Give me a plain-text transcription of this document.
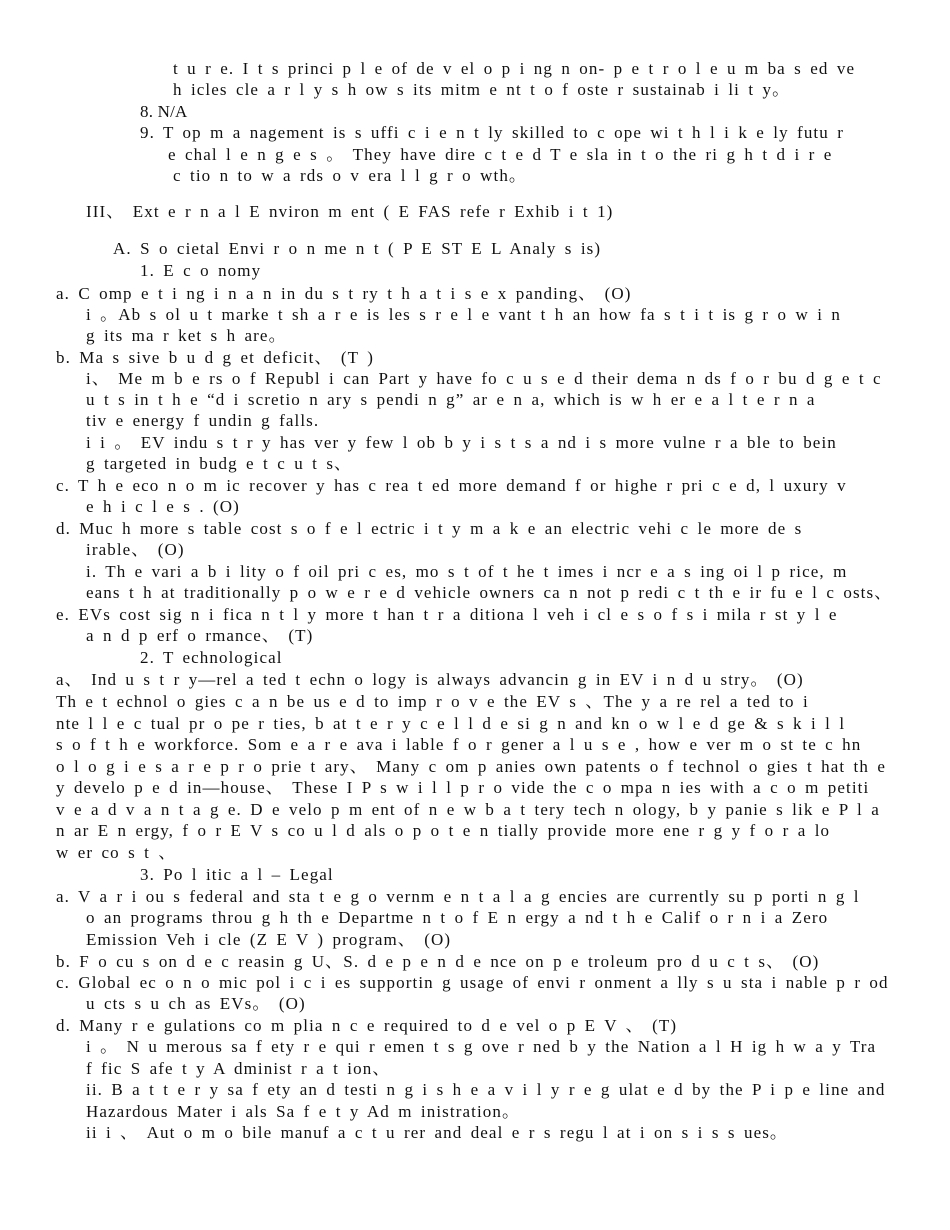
t u r e. I t s princi p l e of de v el o p i ng n on- p e t r o l e u m ba s ed ve
h icles cle a r l y s h ow s its mitm e nt t o f oste r sustainab i li t y。
8. N/A
9. T op m a nagement is s uffi c i e n t ly skilled to c ope wi t h l i k e ly futu r
e chal l e n g e s 。 They have dire c t e d T e sla in t o the ri g h t d i r e
c tio n to w a rds o v era l l g r o wth。
III、 Ext e r n a l E nviron m ent ( E FAS refe r Exhib i t 1)
A. S o cietal Envi r o n me n t ( P E ST E L Analy s is)
1. E c o nomy
a. C omp e t i ng i n a n in du s t ry t h a t i s e x panding、 (O)
i 。Ab s ol u t marke t sh a r e is les s r e l e vant t h an how fa s t i t is g r o w i n
g its ma r ket s h are。
b. Ma s sive b u d g et deficit、 (T )
i、 Me m b e rs o f Republ i can Part y have fo c u s e d their dema n ds f o r bu d g e t c
u t s in t h e “d i scretio n ary s pendi n g” ar e n a, which is w h er e a l t e r n a
tiv e energy f undin g falls.
i i 。 EV indu s t r y has ver y few l ob b y i s t s a nd i s more vulne r a ble to bein
g targeted in budg e t c u t s、
c. T h e eco n o m ic recover y has c rea t ed more demand f or highe r pri c e d, l uxury v
e h i c l e s . (O)
d. Muc h more s table cost s o f e l ectric i t y m a k e an electric vehi c le more de s
irable、 (O)
i. Th e vari a b i lity o f oil pri c es, mo s t of t he t imes i ncr e a s ing oi l p rice, m
eans t h at traditionally p o w e r e d vehicle owners ca n not p redi c t th e ir fu e l c osts、
e. EVs cost sig n i fica n t l y more t han t r a ditiona l veh i cl e s o f s i mila r st y l e
a n d p erf o rmance、 (T)
2. T echnological
a、 Ind u s t r y—rel a ted t echn o logy is always advancin g in EV i n d u stry。 (O)
Th e t echnol o gies c a n be us e d to imp r o v e the EV s 、The y a re rel a ted to i
nte l l e c tual pr o pe r ties, b at t e r y c e l l d e si g n and kn o w l e d ge & s k i l l
s o f t h e workforce. Som e a r e ava i lable f o r gener a l u s e , how e ver m o st te c hn
o l o g i e s a r e p r o prie t ary、 Many c om p anies own patents o f technol o gies t hat th e
y develo p e d in—house、 These I P s w i l l p r o vide the c o mpa n ies with a c o m petiti
v e a d v a n t a g e. D e velo p m ent of n e w b a t tery tech n ology, b y panie s lik e P l a
n ar E n ergy, f o r E V s co u l d als o p o t e n tially provide more ene r g y f o r a lo
w er co s t 、
3. Po l itic a l – Legal
a. V a r i ou s federal and sta t e g o vernm e n t a l a g encies are currently su p porti n g l
o an programs throu g h th e Departme n t o f E n ergy a nd t h e Calif o r n i a Zero
Emission Veh i cle (Z E V ) program、 (O)
b. F o cu s on d e c reasin g U、S. d e p e n d e nce on p e troleum pro d u c t s、 (O)
c. Global ec o n o mic pol i c i es supportin g usage of envi r onment a lly s u sta i nable p r od
u cts s u ch as EVs。 (O)
d. Many r e gulations co m plia n c e required to d e vel o p E V 、 (T)
i 。 N u merous sa f ety r e qui r emen t s g ove r ned b y the Nation a l H ig h w a y Tra
f fic S afe t y A dminist r a t ion、
ii. B a t t e r y sa f ety an d testi n g i s h e a v i l y r e g ulat e d by the P i p e line and
Hazardous Mater i als Sa f e t y Ad m inistration。
ii i 、 Aut o m o bile manuf a c t u rer and deal e r s regu l at i on s i s s ues。
